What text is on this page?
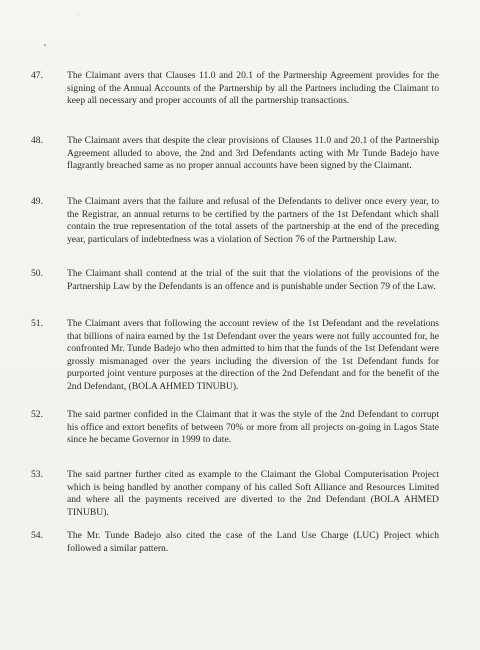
47.	The Claimant avers that Clauses 11.0 and 20.1 of the Partnership Agreement provides for the signing of the Annual Accounts of the Partnership by all the Partners including the Claimant to keep all necessary and proper accounts of all the partnership transactions.
48.	The Claimant avers that despite the clear provisions of Clauses 11.0 and 20.1 of the Partnership Agreement alluded to above, the 2nd and 3rd Defendants acting with Mr Tunde Badejo have flagrantly breached same as no proper annual accounts have been signed by the Claimant.
49.	The Claimant avers that the failure and refusal of the Defendants to deliver once every year, to the Registrar, an annual returns to be certified by the partners of the 1st Defendant which shall contain the true representation of the total assets of the partnership at the end of the preceding year, particulars of indebtedness was a violation of Section 76 of the Partnership Law.
50.	The Claimant shall contend at the trial of the suit that the violations of the provisions of the Partnership Law by the Defendants is an offence and is punishable under Section 79 of the Law.
51.	The Claimant avers that following the account review of the 1st Defendant and the revelations that billions of naira earned by the 1st Defendant over the years were not fully accounted for, he confronted Mr. Tunde Badejo who then admitted to him that the funds of the 1st Defendant were grossly mismanaged over the years including the diversion of the 1st Defendant funds for purported joint venture purposes at the direction of the 2nd Defendant and for the benefit of the 2nd Defendant, (BOLA AHMED TINUBU).
52.	The said partner confided in the Claimant that it was the style of the 2nd Defendant to corrupt his office and extort benefits of between 70% or more from all projects on-going in Lagos State since he became Governor in 1999 to date.
53.	The said partner further cited as example to the Claimant the Global Computerisation Project which is being handled by another company of his called Soft Alliance and Resources Limited and where all the payments received are diverted to the 2nd Defendant (BOLA AHMED TINUBU).
54.	The Mr. Tunde Badejo also cited the case of the Land Use Charge (LUC) Project which followed a similar pattern.
